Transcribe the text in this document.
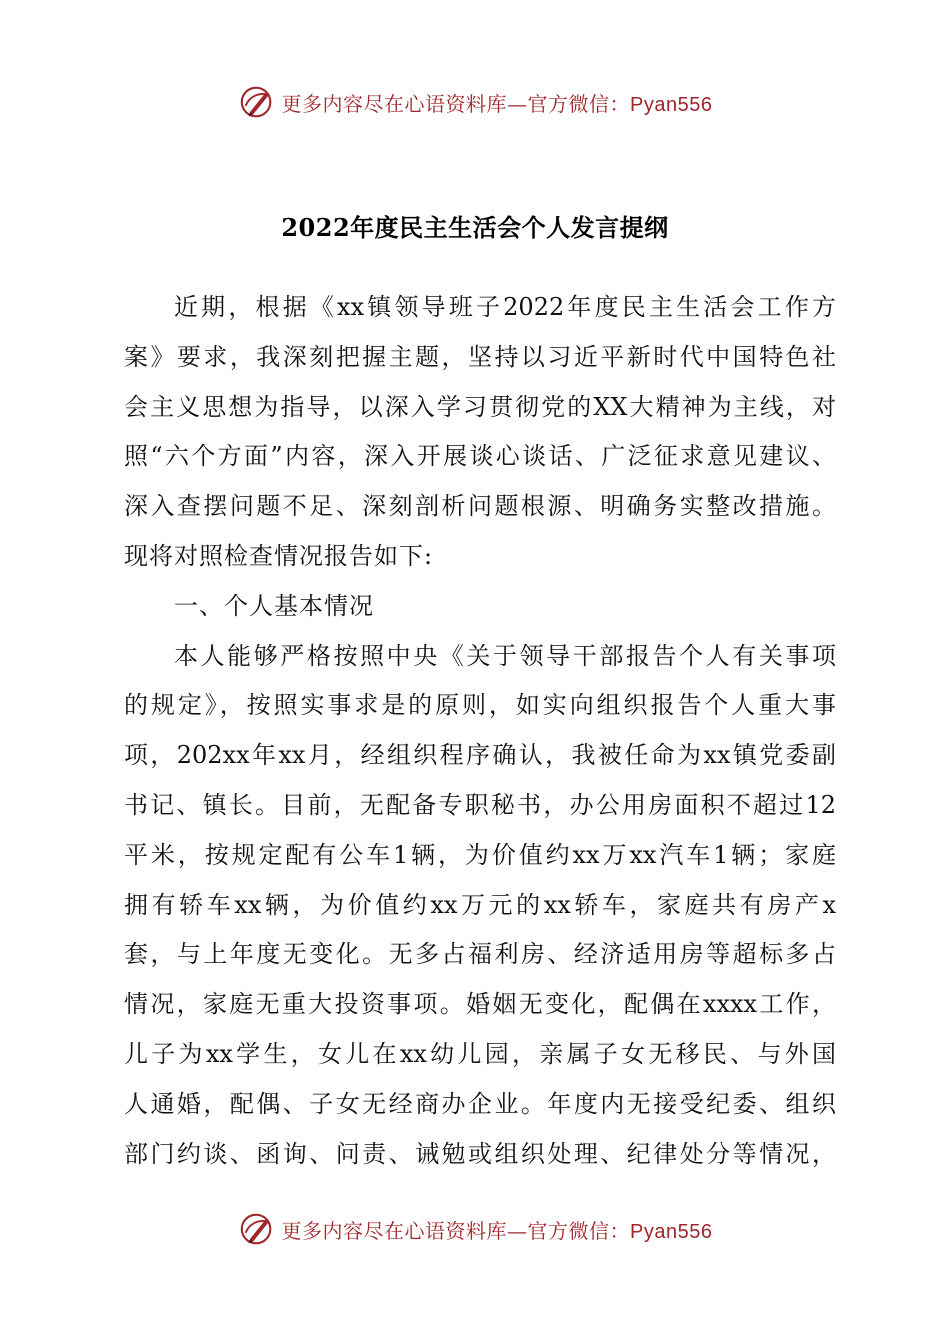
更多内容尽在心语资料库—官方微信：Pyan556
2022年度民主生活会个人发言提纲
近期，根据《xx镇领导班子2022年度民主生活会工作方
案》要求，我深刻把握主题，坚持以习近平新时代中国特色社
会主义思想为指导，以深入学习贯彻党的XX大精神为主线，对
照“六个方面”内容，深入开展谈心谈话、广泛征求意见建议、
深入查摆问题不足、深刻剖析问题根源、明确务实整改措施。
现将对照检查情况报告如下:
一、个人基本情况
本人能够严格按照中央《关于领导干部报告个人有关事项
的规定》，按照实事求是的原则，如实向组织报告个人重大事
项，202xx年xx月，经组织程序确认，我被任命为xx镇党委副
书记、镇长。目前，无配备专职秘书，办公用房面积不超过12
平米，按规定配有公车1辆，为价值约xx万xx汽车1辆；家庭
拥有轿车xx辆，为价值约xx万元的xx轿车，家庭共有房产x
套，与上年度无变化。无多占福利房、经济适用房等超标多占
情况，家庭无重大投资事项。婚姻无变化，配偶在xxxx工作，
儿子为xx学生，女儿在xx幼儿园，亲属子女无移民、与外国
人通婚，配偶、子女无经商办企业。年度内无接受纪委、组织
部门约谈、函询、问责、诫勉或组织处理、纪律处分等情况，
更多内容尽在心语资料库—官方微信：Pyan556
